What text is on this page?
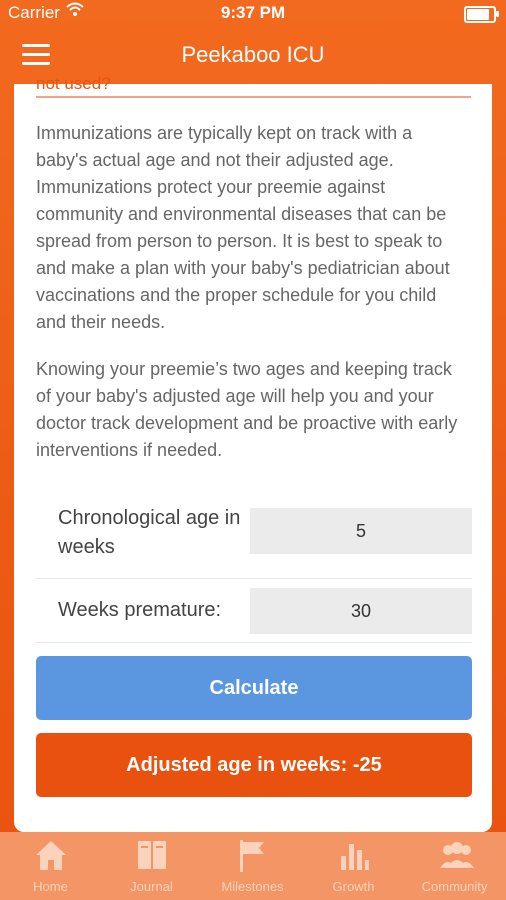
Carrier	9:37 PM
Peekaboo ICU
not used?

Immunizations are typically kept on track with a baby's actual age and not their adjusted age. Immunizations protect your preemie against community and environmental diseases that can be spread from person to person. It is best to speak to and make a plan with your baby's pediatrician about vaccinations and the proper schedule for you child and their needs.

Knowing your preemie’s two ages and keeping track of your baby's adjusted age will help you and your doctor track development and be proactive with early interventions if needed.

Chronological age in weeks
5
Weeks premature:
30
Calculate
Adjusted age in weeks: -25
Home	Journal	Milestones	Growth	Community
